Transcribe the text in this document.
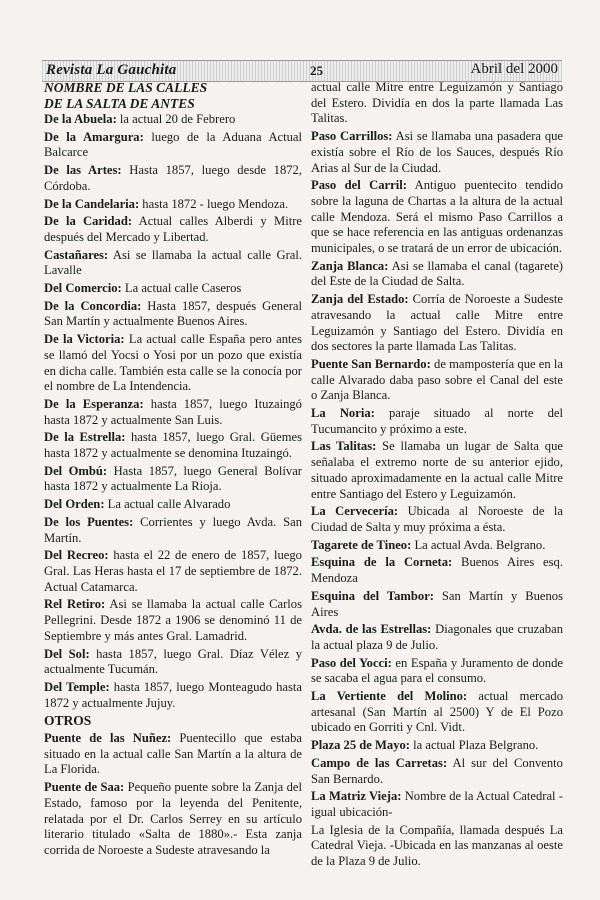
Revista La Gauchita	25	Abril del 2000
NOMBRE DE LAS CALLES
DE LA SALTA DE ANTES

De la Abuela: la actual 20 de Febrero

De la Amargura: luego de la Aduana Actual Balcarce

De las Artes: Hasta 1857, luego desde 1872, Córdoba.

De la Candelaria: hasta 1872 - luego Mendoza.

De la Caridad: Actual calles Alberdi y Mitre después del Mercado y Libertad.

Castañares: Asi se llamaba la actual calle Gral. Lavalle

Del Comercio: La actual calle Caseros

De la Concordia: Hasta 1857, después General San Martín y actualmente Buenos Aires.

De la Victoria: La actual calle España pero antes se llamó del Yocsi o Yosi por un pozo que existía en dicha calle. También esta calle se la conocía por el nombre de La Intendencia.

De la Esperanza: hasta 1857, luego Ituzaingó hasta 1872 y actualmente San Luis.

De la Estrella: hasta 1857, luego Gral. Güemes hasta 1872 y actualmente se denomina Ituzaingó.

Del Ombú: Hasta 1857, luego General Bolívar hasta 1872 y actualmente La Rioja.

Del Orden: La actual calle Alvarado

De los Puentes: Corrientes y luego Avda. San Martín.

Del Recreo: hasta el 22 de enero de 1857, luego Gral. Las Heras hasta el 17 de septiembre de 1872. Actual Catamarca.

Rel Retiro: Asi se llamaba la actual calle Carlos Pellegrini. Desde 1872 a 1906 se denominó 11 de Septiembre y más antes Gral. Lamadrid.

Del Sol: hasta 1857, luego Gral. Díaz Vélez y actualmente Tucumán.

Del Temple: hasta 1857, luego Monteagudo hasta 1872 y actualmente Jujuy.

OTROS

Puente de las Nuñez: Puentecillo que estaba situado en la actual calle San Martín a la altura de La Florida.

Puente de Saa: Pequeño puente sobre la Zanja del Estado, famoso por la leyenda del Penitente, relatada por el Dr. Carlos Serrey en su artículo literario titulado «Salta de 1880».- Esta zanja corrida de Noroeste a Sudeste atravesando la

actual calle Mitre entre Leguizamón y Santiago del Estero. Dividía en dos la parte llamada Las Talitas.

Paso Carrillos: Asi se llamaba una pasadera que existía sobre el Río de los Sauces, después Río Arias al Sur de la Ciudad.

Paso del Carril: Antiguo puentecito tendido sobre la laguna de Chartas a la altura de la actual calle Mendoza. Será el mismo Paso Carrillos a que se hace referencia en las antiguas ordenanzas municipales, o se tratará de un error de ubicación.

Zanja Blanca: Asi se llamaba el canal (tagarete) del Este de la Ciudad de Salta.

Zanja del Estado: Corría de Noroeste a Sudeste atravesando la actual calle Mitre entre Leguizamón y Santiago del Estero. Dividía en dos sectores la parte llamada Las Talitas.

Puente San Bernardo: de mampostería que en la calle Alvarado daba paso sobre el Canal del este o Zanja Blanca.

La Noria: paraje situado al norte del Tucumancito y próximo a este.

Las Talitas: Se llamaba un lugar de Salta que señalaba el extremo norte de su anterior ejido, situado aproximadamente en la actual calle Mitre entre Santiago del Estero y Leguizamón.

La Cervecería: Ubicada al Noroeste de la Ciudad de Salta y muy próxima a ésta.

Tagarete de Tineo: La actual Avda. Belgrano.

Esquina de la Corneta: Buenos Aires esq. Mendoza

Esquina del Tambor: San Martín y Buenos Aires

Avda. de las Estrellas: Diagonales que cruzaban la actual plaza 9 de Julio.

Paso del Yocci: en España y Juramento de donde se sacaba el agua para el consumo.

La Vertiente del Molino: actual mercado artesanal (San Martín al 2500) Y de El Pozo ubicado en Gorriti y Cnl. Vidt.

Plaza 25 de Mayo: la actual Plaza Belgrano.

Campo de las Carretas: Al sur del Convento San Bernardo.

La Matriz Vieja: Nombre de la Actual Catedral -igual ubicación-

La Iglesia de la Compañía, llamada después La Catedral Vieja. -Ubicada en las manzanas al oeste de la Plaza 9 de Julio.
